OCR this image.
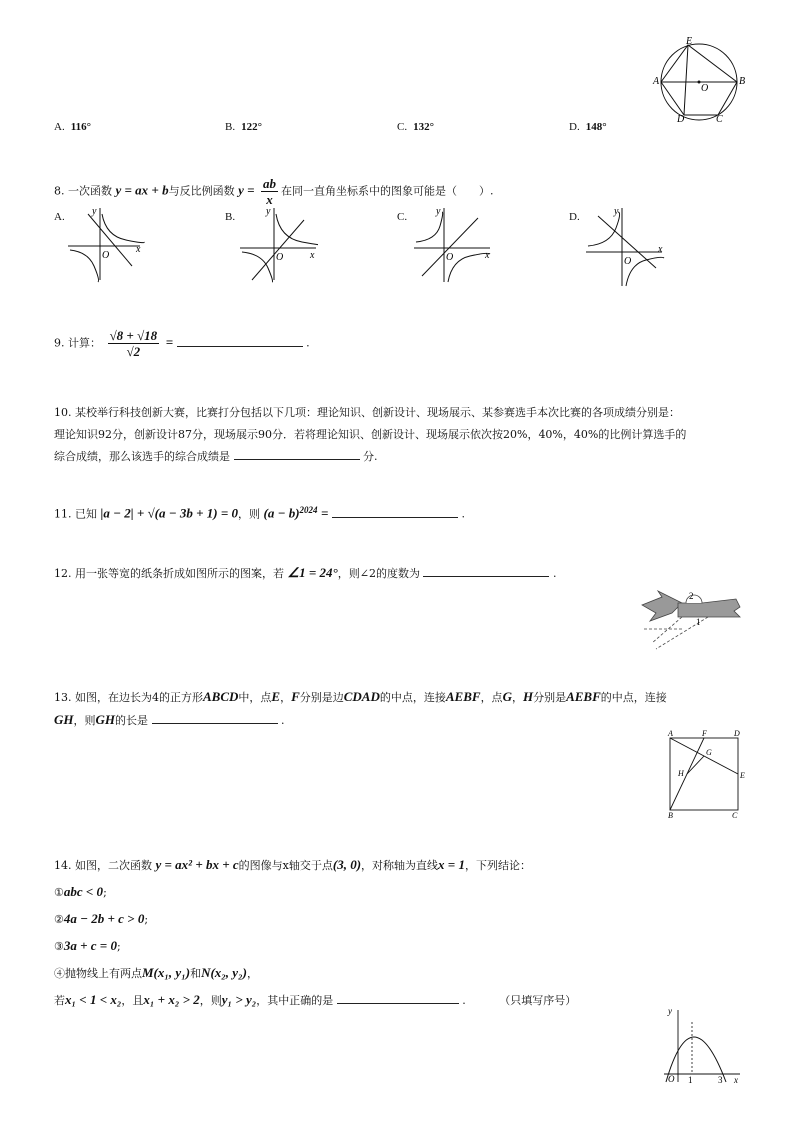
E
A	B
O
D	C
A. 116°	B. 122°	C. 132°	D. 148°
8. 一次函数 y = ax + b与反比例函数 $y = \frac{ab}{x}$ 在同一直角坐标系中的图象可能是（　　）.
A.	B.	C.	D.
y
x
O
y
x
O
y
x
O
y
x
O
9. 计算： $\frac{√8 + √18}{√2}$ =	.
10. 某校举行科技创新大赛，比赛打分包括以下几项：理论知识、创新设计、现场展示、某参赛选手本次比赛的各项成绩分别是：
理论知识92分，创新设计87分，现场展示90分．若将理论知识、创新设计、现场展示依次按20%，40%，40%的比例计算选手的
综合成绩，那么该选手的综合成绩是	分.
11. 已知 |a − 2| + √(a − 3b + 1) = 0，则 $(a - b)^{2024}$ =	.
12. 用一张等宽的纸条折成如图所示的图案，若 ∠1 = 24°，则∠2的度数为	.
2
1
13. 如图，在边长为4的正方形ABCD中，点E，F分别是边CDAD的中点，连接AEBF，点G，H分别是AEBF的中点，连接
GH，则GH的长是	.
A	F	D
G
H	E
B	C
14. 如图，二次函数 y = ax² + bx + c的图像与x轴交于点(3, 0)，对称轴为直线x = 1，下列结论：
①abc < 0;
②4a − 2b + c > 0;
③3a + c = 0;
④抛物线上有两点M(x₁, y₁)和N(x₂, y₂)，
若x₁ < 1 < x₂，且x₁ + x₂ > 2，则y₁ > y₂，其中正确的是	.	（只填写序号）
y
O 1	3 x
